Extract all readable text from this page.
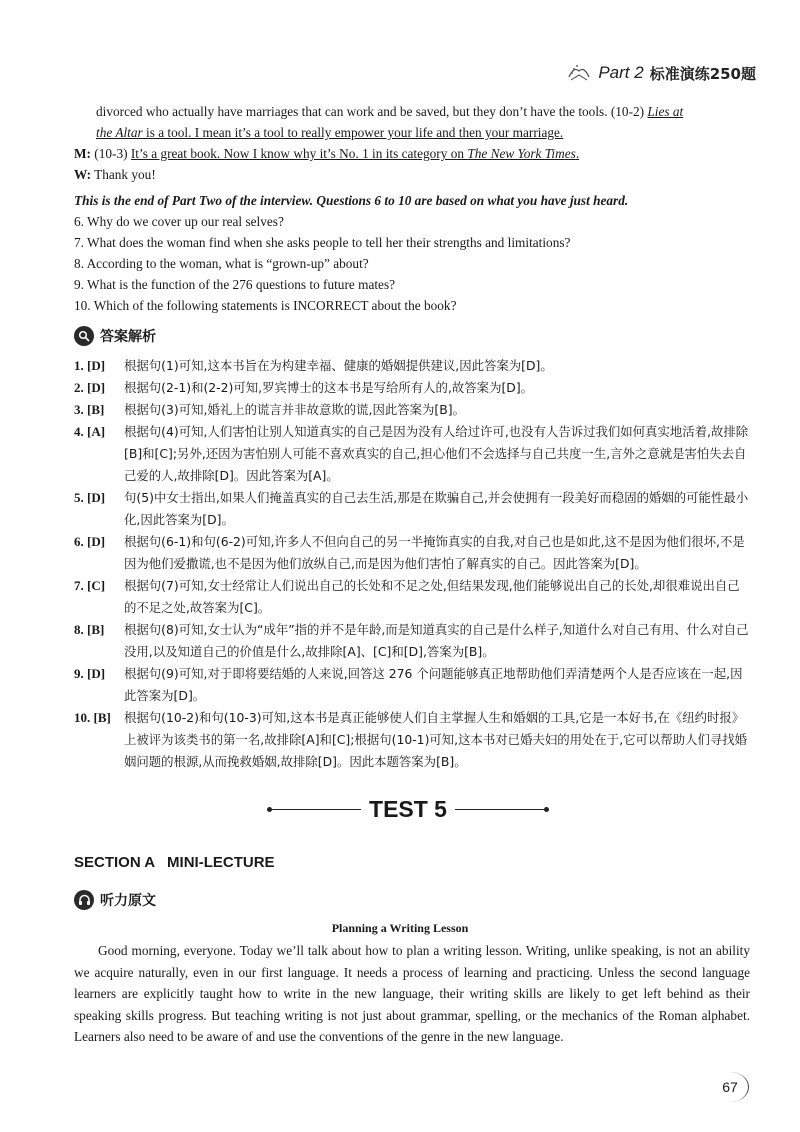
Part 2 标准演练250题
divorced who actually have marriages that can work and be saved, but they don’t have the tools. (10-2) Lies at
the Altar is a tool. I mean it’s a tool to really empower your life and then your marriage.
M: (10-3) It’s a great book. Now I know why it’s No. 1 in its category on The New York Times.
W: Thank you!
This is the end of Part Two of the interview. Questions 6 to 10 are based on what you have just heard.
6. Why do we cover up our real selves?
7. What does the woman find when she asks people to tell her their strengths and limitations?
8. According to the woman, what is “grown-up” about?
9. What is the function of the 276 questions to future mates?
10. Which of the following statements is INCORRECT about the book?
答案解析
1. [D]	根据句(1)可知,这本书旨在为构建幸福、健康的婚姻提供建议,因此答案为[D]。
2. [D]	根据句(2-1)和(2-2)可知,罗宾博士的这本书是写给所有人的,故答案为[D]。
3. [B]	根据句(3)可知,婚礼上的谎言并非故意欺的谎,因此答案为[B]。
4. [A]	根据句(4)可知,人们害怕让别人知道真实的自己是因为没有人给过许可,也没有人告诉过我们如何真实地活着,故排除[B]和[C];另外,还因为害怕别人可能不喜欢真实的自己,担心他们不会选择与自己共度一生,言外之意就是害怕失去自己爱的人,故排除[D]。因此答案为[A]。
5. [D]	句(5)中女士指出,如果人们掩盖真实的自己去生活,那是在欺骗自己,并会使拥有一段美好而稳固的婚姻的可能性最小化,因此答案为[D]。
6. [D]	根据句(6-1)和句(6-2)可知,许多人不但向自己的另一半掩饰真实的自我,对自己也是如此,这不是因为他们很坏,不是因为他们爱撒谎,也不是因为他们放纵自己,而是因为他们害怕了解真实的自己。因此答案为[D]。
7. [C]	根据句(7)可知,女士经常让人们说出自己的长处和不足之处,但结果发现,他们能够说出自己的长处,却很难说出自己的不足之处,故答案为[C]。
8. [B]	根据句(8)可知,女士认为“成年”指的并不是年龄,而是知道真实的自己是什么样子,知道什么对自己有用、什么对自己没用,以及知道自己的价值是什么,故排除[A]、[C]和[D],答案为[B]。
9. [D]	根据句(9)可知,对于即将要结婚的人来说,回答这 276 个问题能够真正地帮助他们弄清楚两个人是否应该在一起,因此答案为[D]。
10. [B]	根据句(10-2)和句(10-3)可知,这本书是真正能够使人们自主掌握人生和婚姻的工具,它是一本好书,在《纽约时报》上被评为该类书的第一名,故排除[A]和[C];根据句(10-1)可知,这本书对已婚夫妇的用处在于,它可以帮助人们寻找婚姻问题的根源,从而挽救婚姻,故排除[D]。因此本题答案为[B]。
TEST 5
SECTION A   MINI-LECTURE
听力原文
Planning a Writing Lesson
Good morning, everyone. Today we’ll talk about how to plan a writing lesson. Writing, unlike speaking, is not an ability we acquire naturally, even in our first language. It needs a process of learning and practicing. Unless the second language learners are explicitly taught how to write in the new language, their writing skills are likely to get left behind as their speaking skills progress. But teaching writing is not just about grammar, spelling, or the mechanics of the Roman alphabet. Learners also need to be aware of and use the conventions of the genre in the new language.
67
